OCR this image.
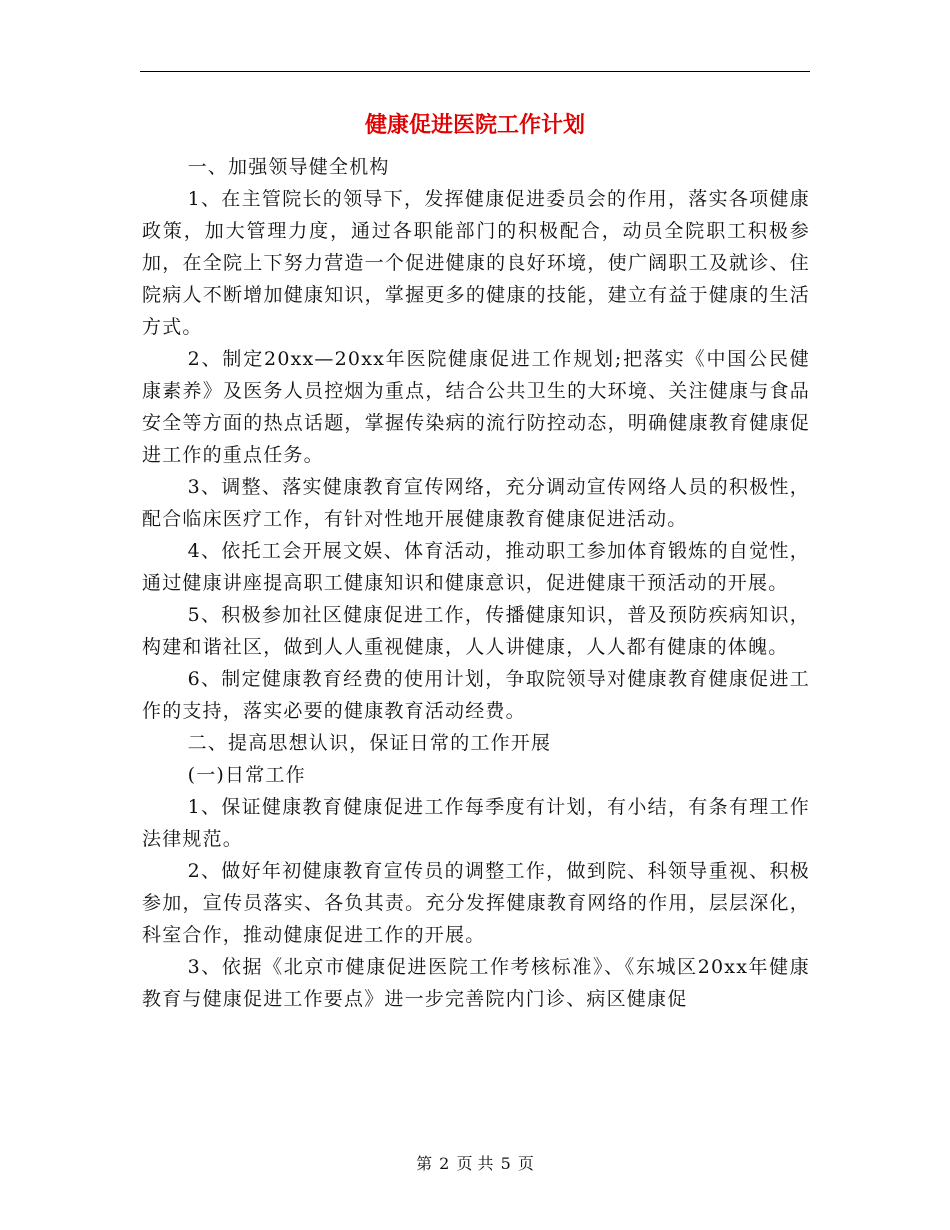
健康促进医院工作计划

一、加强领导健全机构

1、在主管院长的领导下，发挥健康促进委员会的作用，落实各项健康政策，加大管理力度，通过各职能部门的积极配合，动员全院职工积极参加，在全院上下努力营造一个促进健康的良好环境，使广阔职工及就诊、住院病人不断增加健康知识，掌握更多的健康的技能，建立有益于健康的生活方式。

2、制定20xx—20xx年医院健康促进工作规划;把落实《中国公民健康素养》及医务人员控烟为重点，结合公共卫生的大环境、关注健康与食品安全等方面的热点话题，掌握传染病的流行防控动态，明确健康教育健康促进工作的重点任务。

3、调整、落实健康教育宣传网络，充分调动宣传网络人员的积极性，配合临床医疗工作，有针对性地开展健康教育健康促进活动。

4、依托工会开展文娱、体育活动，推动职工参加体育锻炼的自觉性，通过健康讲座提高职工健康知识和健康意识，促进健康干预活动的开展。

5、积极参加社区健康促进工作，传播健康知识，普及预防疾病知识，构建和谐社区，做到人人重视健康，人人讲健康，人人都有健康的体魄。

6、制定健康教育经费的使用计划，争取院领导对健康教育健康促进工作的支持，落实必要的健康教育活动经费。

二、提高思想认识，保证日常的工作开展

(一)日常工作

1、保证健康教育健康促进工作每季度有计划，有小结，有条有理工作法律规范。

2、做好年初健康教育宣传员的调整工作，做到院、科领导重视、积极参加，宣传员落实、各负其责。充分发挥健康教育网络的作用，层层深化，科室合作，推动健康促进工作的开展。

3、依据《北京市健康促进医院工作考核标准》、《东城区20xx年健康教育与健康促进工作要点》进一步完善院内门诊、病区健康促

第 2 页 共 5 页
